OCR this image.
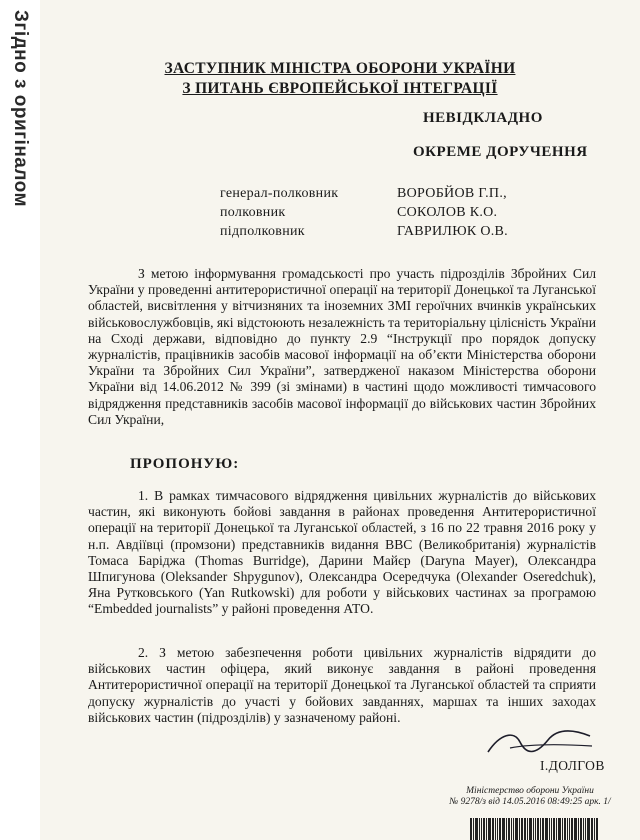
Згідно з оригіналом	ЗАСТУПНИК МІНІСТРА ОБОРОНИ УКРАЇНИ
З ПИТАНЬ ЄВРОПЕЙСЬКОЇ ІНТЕГРАЦІЇ
НЕВІДКЛАДНО
ОКРЕМЕ ДОРУЧЕННЯ
генерал-полковник	ВОРОБЙОВ Г.П.,
полковник	СОКОЛОВ К.О.
підполковник	ГАВРИЛЮК О.В.
З метою інформування громадськості про участь підрозділів Збройних Сил України у проведенні антитерористичної операції на території Донецької та Луганської областей, висвітлення у вітчизняних та іноземних ЗМІ героїчних вчинків українських військовослужбовців, які відстоюють незалежність та територіальну цілісність України на Сході держави, відповідно до пункту 2.9 “Інструкції про порядок допуску журналістів, працівників засобів масової інформації на об’єкти Міністерства оборони України та Збройних Сил України”, затвердженої наказом Міністерства оборони України від 14.06.2012 № 399 (зі змінами) в частині щодо можливості тимчасового відрядження представників засобів масової інформації до військових частин Збройних Сил України,
ПРОПОНУЮ:
1. В рамках тимчасового відрядження цивільних журналістів до військових частин, які виконують бойові завдання в районах проведення Антитерористичної операції на території Донецької та Луганської областей, з 16 по 22 травня 2016 року у н.п. Авдіївці (промзони) представників видання BBC (Великобританія) журналістів Томаса Баріджа (Thomas Burridge), Дарини Майєр (Daryna Mayer), Олександра Шпигунова (Oleksander Shpygunov), Олександра Осередчука (Olexander Oseredchuk), Яна Рутковського (Yan Rutkowski) для роботи у військових частинах за програмою “Embedded journalists” у районі проведення АТО.
2. З метою забезпечення роботи цивільних журналістів відрядити до військових частин офіцера, який виконує завдання в районі проведення Антитерористичної операції на території Донецької та Луганської областей та сприяти допуску журналістів до участі у бойових завданнях, маршах та інших заходах військових частин (підрозділів) у зазначеному районі.
І.ДОЛГОВ
Міністерство оборони України
№ 9278/з від 14.05.2016 08:49:25 арк. 1/
